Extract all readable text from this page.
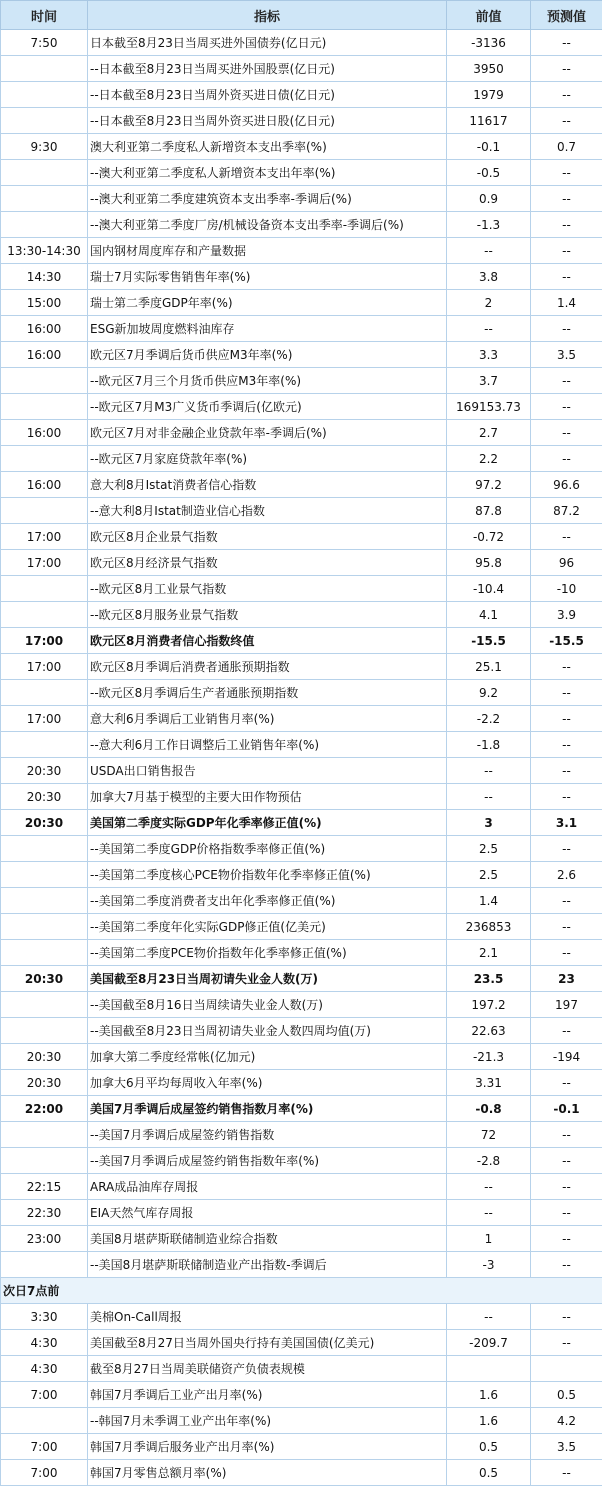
时间	指标	前值	预测值
7:50	日本截至8月23日当周买进外国债券(亿日元)	-3136	--
	--日本截至8月23日当周买进外国股票(亿日元)	3950	--
	--日本截至8月23日当周外资买进日债(亿日元)	1979	--
	--日本截至8月23日当周外资买进日股(亿日元)	11617	--
9:30	澳大利亚第二季度私人新增资本支出季率(%)	-0.1	0.7
	--澳大利亚第二季度私人新增资本支出年率(%)	-0.5	--
	--澳大利亚第二季度建筑资本支出季率-季调后(%)	0.9	--
	--澳大利亚第二季度厂房/机械设备资本支出季率-季调后(%)	-1.3	--
13:30-14:30	国内钢材周度库存和产量数据	--	--
14:30	瑞士7月实际零售销售年率(%)	3.8	--
15:00	瑞士第二季度GDP年率(%)	2	1.4
16:00	ESG新加坡周度燃料油库存	--	--
16:00	欧元区7月季调后货币供应M3年率(%)	3.3	3.5
	--欧元区7月三个月货币供应M3年率(%)	3.7	--
	--欧元区7月M3广义货币季调后(亿欧元)	169153.73	--
16:00	欧元区7月对非金融企业贷款年率-季调后(%)	2.7	--
	--欧元区7月家庭贷款年率(%)	2.2	--
16:00	意大利8月Istat消费者信心指数	97.2	96.6
	--意大利8月Istat制造业信心指数	87.8	87.2
17:00	欧元区8月企业景气指数	-0.72	--
17:00	欧元区8月经济景气指数	95.8	96
	--欧元区8月工业景气指数	-10.4	-10
	--欧元区8月服务业景气指数	4.1	3.9
17:00	欧元区8月消费者信心指数终值	-15.5	-15.5
17:00	欧元区8月季调后消费者通胀预期指数	25.1	--
	--欧元区8月季调后生产者通胀预期指数	9.2	--
17:00	意大利6月季调后工业销售月率(%)	-2.2	--
	--意大利6月工作日调整后工业销售年率(%)	-1.8	--
20:30	USDA出口销售报告	--	--
20:30	加拿大7月基于模型的主要大田作物预估	--	--
20:30	美国第二季度实际GDP年化季率修正值(%)	3	3.1
	--美国第二季度GDP价格指数季率修正值(%)	2.5	--
	--美国第二季度核心PCE物价指数年化季率修正值(%)	2.5	2.6
	--美国第二季度消费者支出年化季率修正值(%)	1.4	--
	--美国第二季度年化实际GDP修正值(亿美元)	236853	--
	--美国第二季度PCE物价指数年化季率修正值(%)	2.1	--
20:30	美国截至8月23日当周初请失业金人数(万)	23.5	23
	--美国截至8月16日当周续请失业金人数(万)	197.2	197
	--美国截至8月23日当周初请失业金人数四周均值(万)	22.63	--
20:30	加拿大第二季度经常帐(亿加元)	-21.3	-194
20:30	加拿大6月平均每周收入年率(%)	3.31	--
22:00	美国7月季调后成屋签约销售指数月率(%)	-0.8	-0.1
	--美国7月季调后成屋签约销售指数	72	--
	--美国7月季调后成屋签约销售指数年率(%)	-2.8	--
22:15	ARA成品油库存周报	--	--
22:30	EIA天然气库存周报	--	--
23:00	美国8月堪萨斯联储制造业综合指数	1	--
	--美国8月堪萨斯联储制造业产出指数-季调后	-3	--
次日7点前			
3:30	美棉On-Call周报	--	--
4:30	美国截至8月27日当周外国央行持有美国国债(亿美元)	-209.7	--
4:30	截至8月27日当周美联储资产负债表规模		
7:00	韩国7月季调后工业产出月率(%)	1.6	0.5
	--韩国7月未季调工业产出年率(%)	1.6	4.2
7:00	韩国7月季调后服务业产出月率(%)	0.5	3.5
7:00	韩国7月零售总额月率(%)	0.5	--
